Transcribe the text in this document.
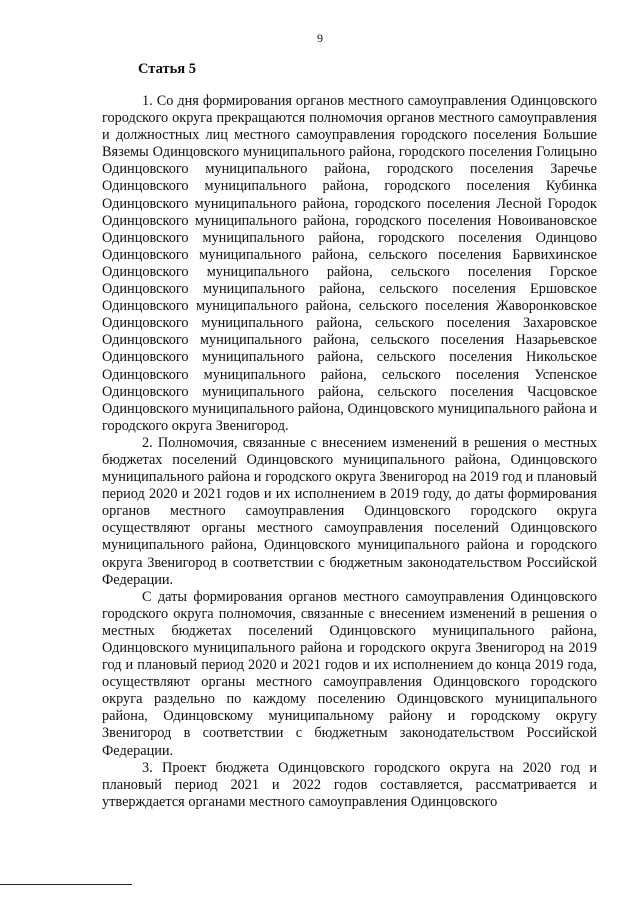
9
Статья 5

1. Со дня формирования органов местного самоуправления Одинцовского городского округа прекращаются полномочия органов местного самоуправления и должностных лиц местного самоуправления городского поселения Большие Вяземы Одинцовского муниципального района, городского поселения Голицыно Одинцовского муниципального района, городского поселения Заречье Одинцовского муниципального района, городского поселения Кубинка Одинцовского муниципального района, городского поселения Лесной Городок Одинцовского муниципального района, городского поселения Новоивановское Одинцовского муниципального района, городского поселения Одинцово Одинцовского муниципального района, сельского поселения Барвихинское Одинцовского муниципального района, сельского поселения Горское Одинцовского муниципального района, сельского поселения Ершовское Одинцовского муниципального района, сельского поселения Жаворонковское Одинцовского муниципального района, сельского поселения Захаровское Одинцовского муниципального района, сельского поселения Назарьевское Одинцовского муниципального района, сельского поселения Никольское Одинцовского муниципального района, сельского поселения Успенское Одинцовского муниципального района, сельского поселения Часцовское Одинцовского муниципального района, Одинцовского муниципального района и городского округа Звенигород.

2. Полномочия, связанные с внесением изменений в решения о местных бюджетах поселений Одинцовского муниципального района, Одинцовского муниципального района и городского округа Звенигород на 2019 год и плановый период 2020 и 2021 годов и их исполнением в 2019 году, до даты формирования органов местного самоуправления Одинцовского городского округа осуществляют органы местного самоуправления поселений Одинцовского муниципального района, Одинцовского муниципального района и городского округа Звенигород в соответствии с бюджетным законодательством Российской Федерации.

С даты формирования органов местного самоуправления Одинцовского городского округа полномочия, связанные с внесением изменений в решения о местных бюджетах поселений Одинцовского муниципального района, Одинцовского муниципального района и городского округа Звенигород на 2019 год и плановый период 2020 и 2021 годов и их исполнением до конца 2019 года, осуществляют органы местного самоуправления Одинцовского городского округа раздельно по каждому поселению Одинцовского муниципального района, Одинцовскому муниципальному району и городскому округу Звенигород в соответствии с бюджетным законодательством Российской Федерации.

3. Проект бюджета Одинцовского городского округа на 2020 год и плановый период 2021 и 2022 годов составляется, рассматривается и утверждается органами местного самоуправления Одинцовского
